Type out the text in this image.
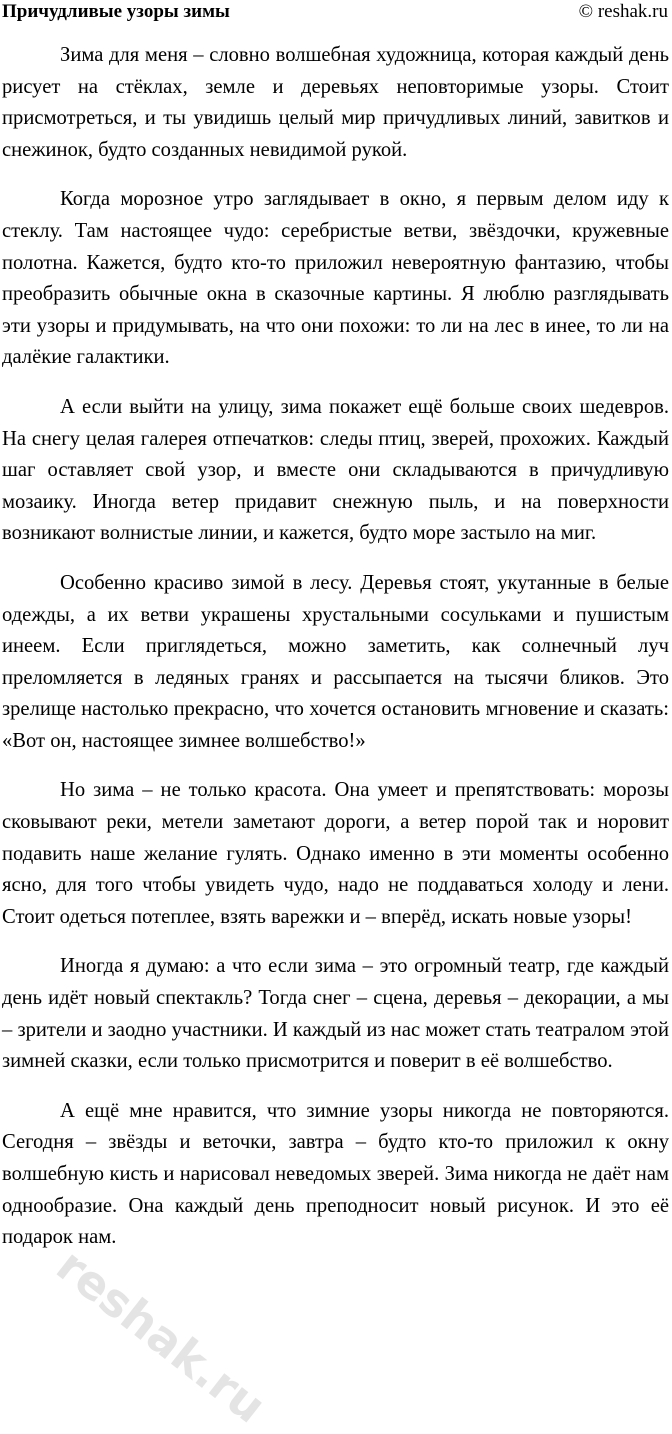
Причудливые узоры зимы	© reshak.ru

Зима для меня – словно волшебная художница, которая каждый день рисует на стёклах, земле и деревьях неповторимые узоры. Стоит присмотреться, и ты увидишь целый мир причудливых линий, завитков и снежинок, будто созданных невидимой рукой.

Когда морозное утро заглядывает в окно, я первым делом иду к стеклу. Там настоящее чудо: серебристые ветви, звёздочки, кружевные полотна. Кажется, будто кто-то приложил невероятную фантазию, чтобы преобразить обычные окна в сказочные картины. Я люблю разглядывать эти узоры и придумывать, на что они похожи: то ли на лес в инее, то ли на далёкие галактики.

А если выйти на улицу, зима покажет ещё больше своих шедевров. На снегу целая галерея отпечатков: следы птиц, зверей, прохожих. Каждый шаг оставляет свой узор, и вместе они складываются в причудливую мозаику. Иногда ветер придавит снежную пыль, и на поверхности возникают волнистые линии, и кажется, будто море застыло на миг.

Особенно красиво зимой в лесу. Деревья стоят, укутанные в белые одежды, а их ветви украшены хрустальными сосульками и пушистым инеем. Если приглядеться, можно заметить, как солнечный луч преломляется в ледяных гранях и рассыпается на тысячи бликов. Это зрелище настолько прекрасно, что хочется остановить мгновение и сказать: «Вот он, настоящее зимнее волшебство!»

Но зима – не только красота. Она умеет и препятствовать: морозы сковывают реки, метели заметают дороги, а ветер порой так и норовит подавить наше желание гулять. Однако именно в эти моменты особенно ясно, для того чтобы увидеть чудо, надо не поддаваться холоду и лени. Стоит одеться потеплее, взять варежки и – вперёд, искать новые узоры!

Иногда я думаю: а что если зима – это огромный театр, где каждый день идёт новый спектакль? Тогда снег – сцена, деревья – декорации, а мы – зрители и заодно участники. И каждый из нас может стать театралом этой зимней сказки, если только присмотрится и поверит в её волшебство.

А ещё мне нравится, что зимние узоры никогда не повторяются. Сегодня – звёзды и веточки, завтра – будто кто-то приложил к окну волшебную кисть и нарисовал неведомых зверей. Зима никогда не даёт нам однообразие. Она каждый день преподносит новый рисунок. И это её подарок нам.

reshak.ru
